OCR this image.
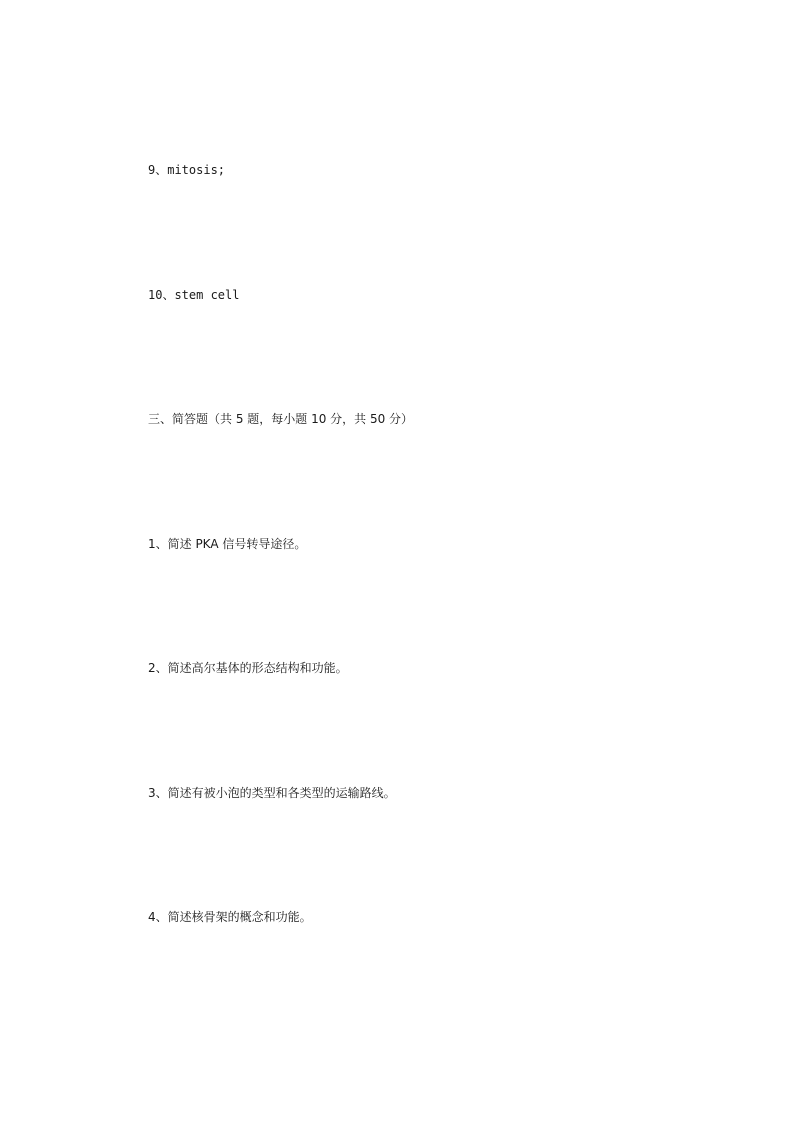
9、mitosis;

10、stem cell

三、简答题（共 5 题，每小题 10 分，共 50 分）

1、简述 PKA 信号转导途径。

2、简述高尔基体的形态结构和功能。

3、简述有被小泡的类型和各类型的运输路线。

4、简述核骨架的概念和功能。
